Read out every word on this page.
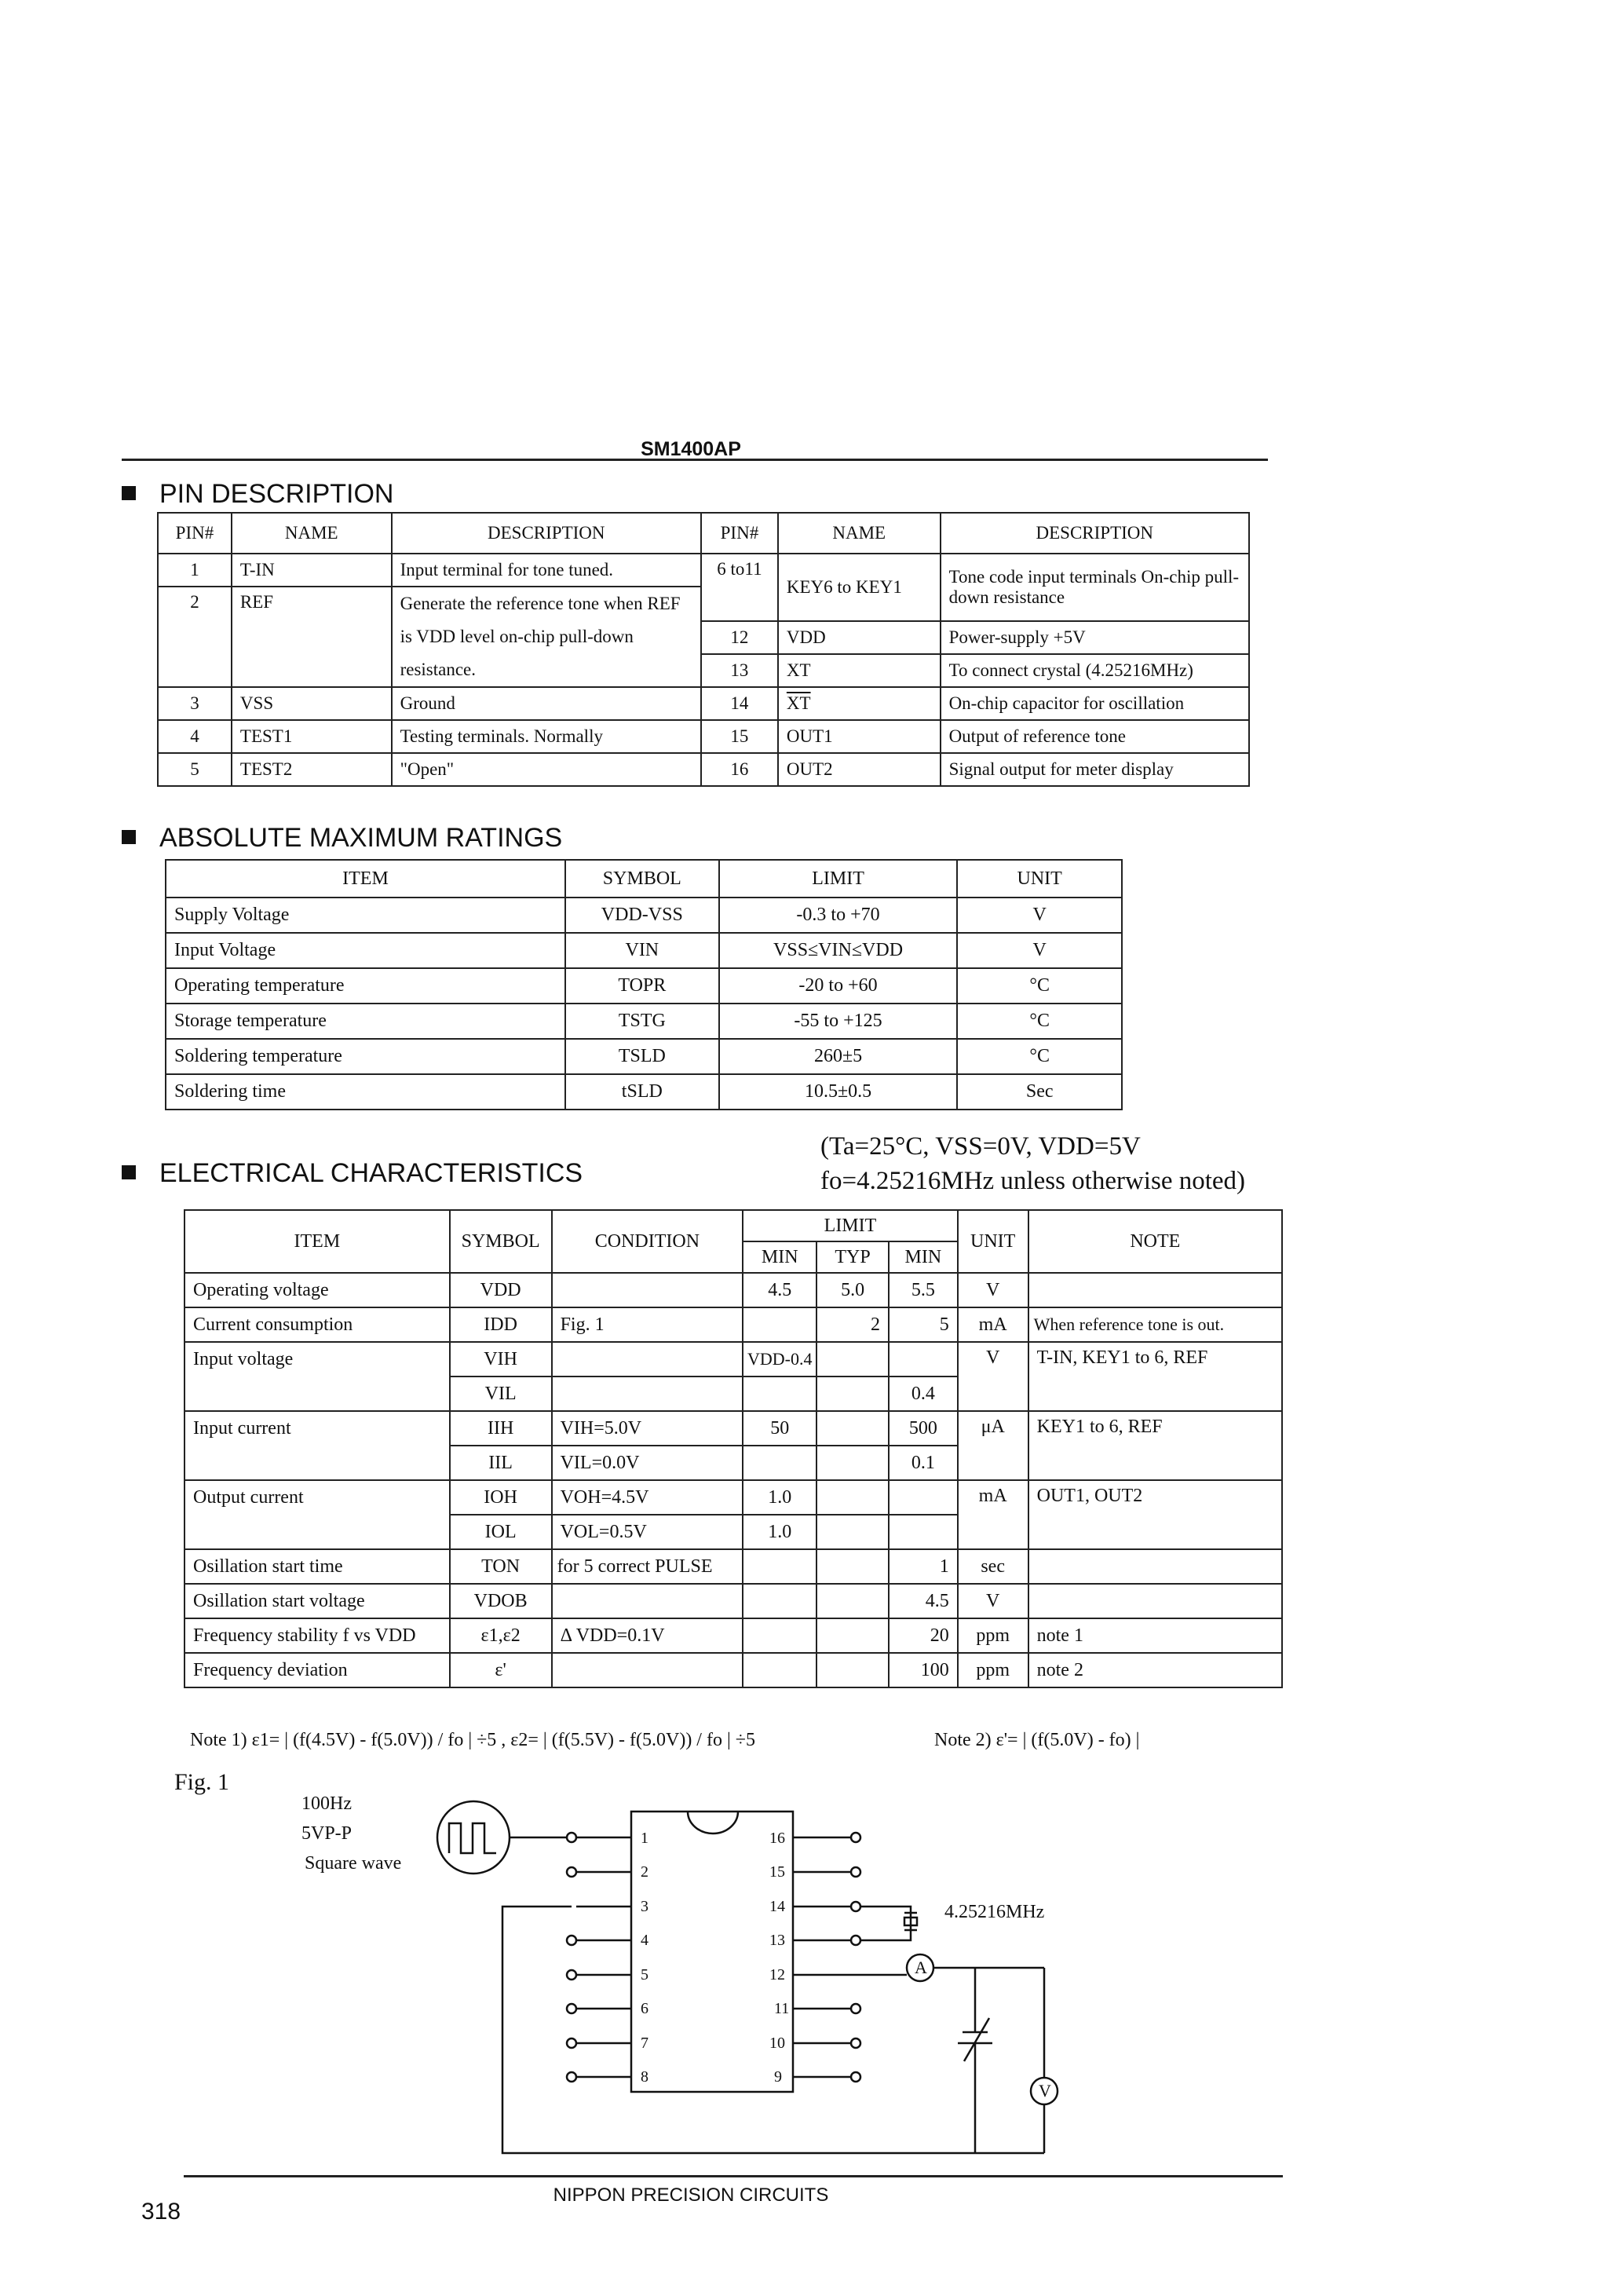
SM1400AP
PIN DESCRIPTION
PIN#	NAME	DESCRIPTION	PIN#	NAME	DESCRIPTION
1	T-IN	Input terminal for tone tuned.	6 to11	KEY6 to KEY1	Tone code input terminals On-chip pull-down resistance
2	REF	Generate the reference tone when REF is VDD level on-chip pull-down resistance.			
			12	VDD	Power-supply +5V
			13	XT	To connect crystal (4.25216MHz)
3	VSS	Ground	14	$\overline{XT}$	On-chip capacitor for oscillation
4	TEST1	Testing terminals. Normally	15	OUT1	Output of reference tone
5	TEST2	"Open"	16	OUT2	Signal output for meter display
ABSOLUTE MAXIMUM RATINGS
ITEM	SYMBOL	LIMIT	UNIT
Supply Voltage	VDD-VSS	-0.3 to +70	V
Input Voltage	VIN	VSS≤VIN≤VDD	V
Operating temperature	TOPR	-20 to +60	°C
Storage temperature	TSTG	-55 to +125	°C
Soldering temperature	TSLD	260±5	°C
Soldering time	tSLD	10.5±0.5	Sec
ELECTRICAL CHARACTERISTICS
(Ta=25°C, VSS=0V, VDD=5V
fo=4.25216MHz unless otherwise noted)
ITEM	SYMBOL	CONDITION	LIMIT			UNIT	NOTE
			MIN	TYP	MIN		
Operating voltage	VDD		4.5	5.0	5.5	V	
Current consumption	IDD	Fig. 1		2	5	mA	When reference tone is out.
Input voltage	VIH		VDD-0.4			V	T-IN, KEY1 to 6, REF
	VIL				0.4		
Input current	IIH	VIH=5.0V	50		500	μA	KEY1 to 6, REF
	IIL	VIL=0.0V			0.1		
Output current	IOH	VOH=4.5V	1.0			mA	OUT1, OUT2
	IOL	VOL=0.5V	1.0				
Osillation start time	TON	for 5 correct PULSE			1	sec	
Osillation start voltage	VDOB				4.5	V	
Frequency stability f vs VDD	ε1,ε2	Δ VDD=0.1V			20	ppm	note 1
Frequency deviation	ε'				100	ppm	note 2
Note 1) ε1= | (f(4.5V) - f(5.0V)) / fo | ÷5 , ε2= | (f(5.5V) - f(5.0V)) / fo | ÷5	Note 2) ε'= | (f(5.0V) - fo) |
Fig. 1
100Hz
5VP-P
Square wave
4.25216MHz
1
2
3
4
5
6
7
8
16
15
14
13
12
11
10
9
A
V
NIPPON PRECISION CIRCUITS
318
